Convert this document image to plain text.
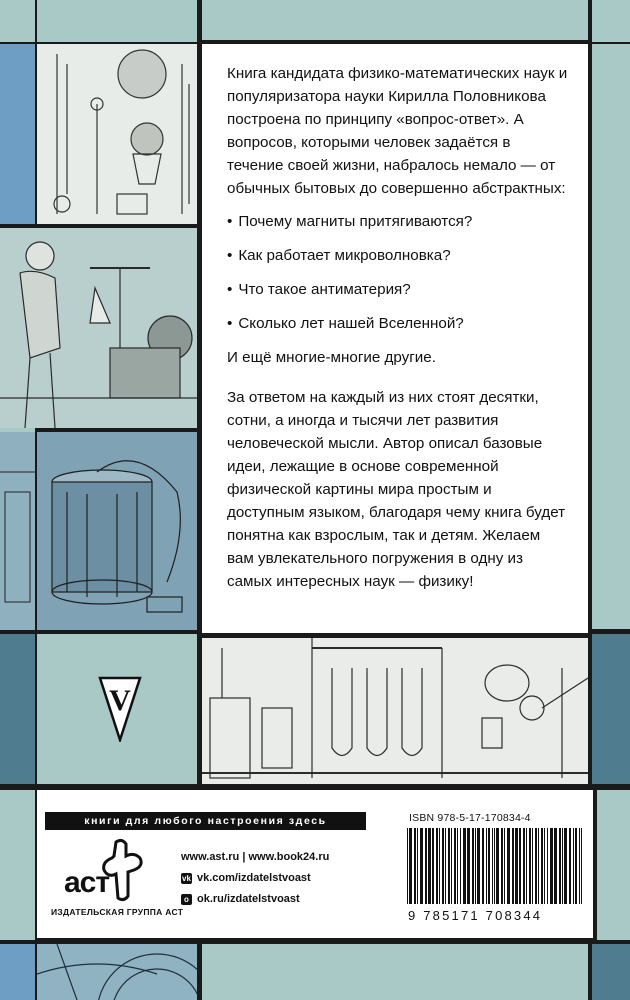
Книга кандидата физико-математических наук и популяризатора науки Кирилла Половникова построена по принципу «вопрос-ответ». А вопросов, которыми человек задаётся в течение своей жизни, набралось немало — от обычных бытовых до совершенно абстрактных:

• Почему магниты притягиваются?
• Как работает микроволновка?
• Что такое антиматерия?
• Сколько лет нашей Вселенной?

И ещё многие-многие другие.

За ответом на каждый из них стоят десятки, сотни, а иногда и тысячи лет развития человеческой мысли. Автор описал базовые идеи, лежащие в основе современной физической картины мира простым и доступным языком, благодаря чему книга будет понятна как взрослым, так и детям. Желаем вам увлекательного погружения в одну из самых интересных наук — физику!

V
книги для любого настроения здесь
aст
ИЗДАТЕЛЬСКАЯ ГРУППА АСТ
www.ast.ru | www.book24.ru
vk vk.com/izdatelstvoast
о ok.ru/izdatelstvoast
ISBN 978-5-17-170834-4
9 785171 708344
